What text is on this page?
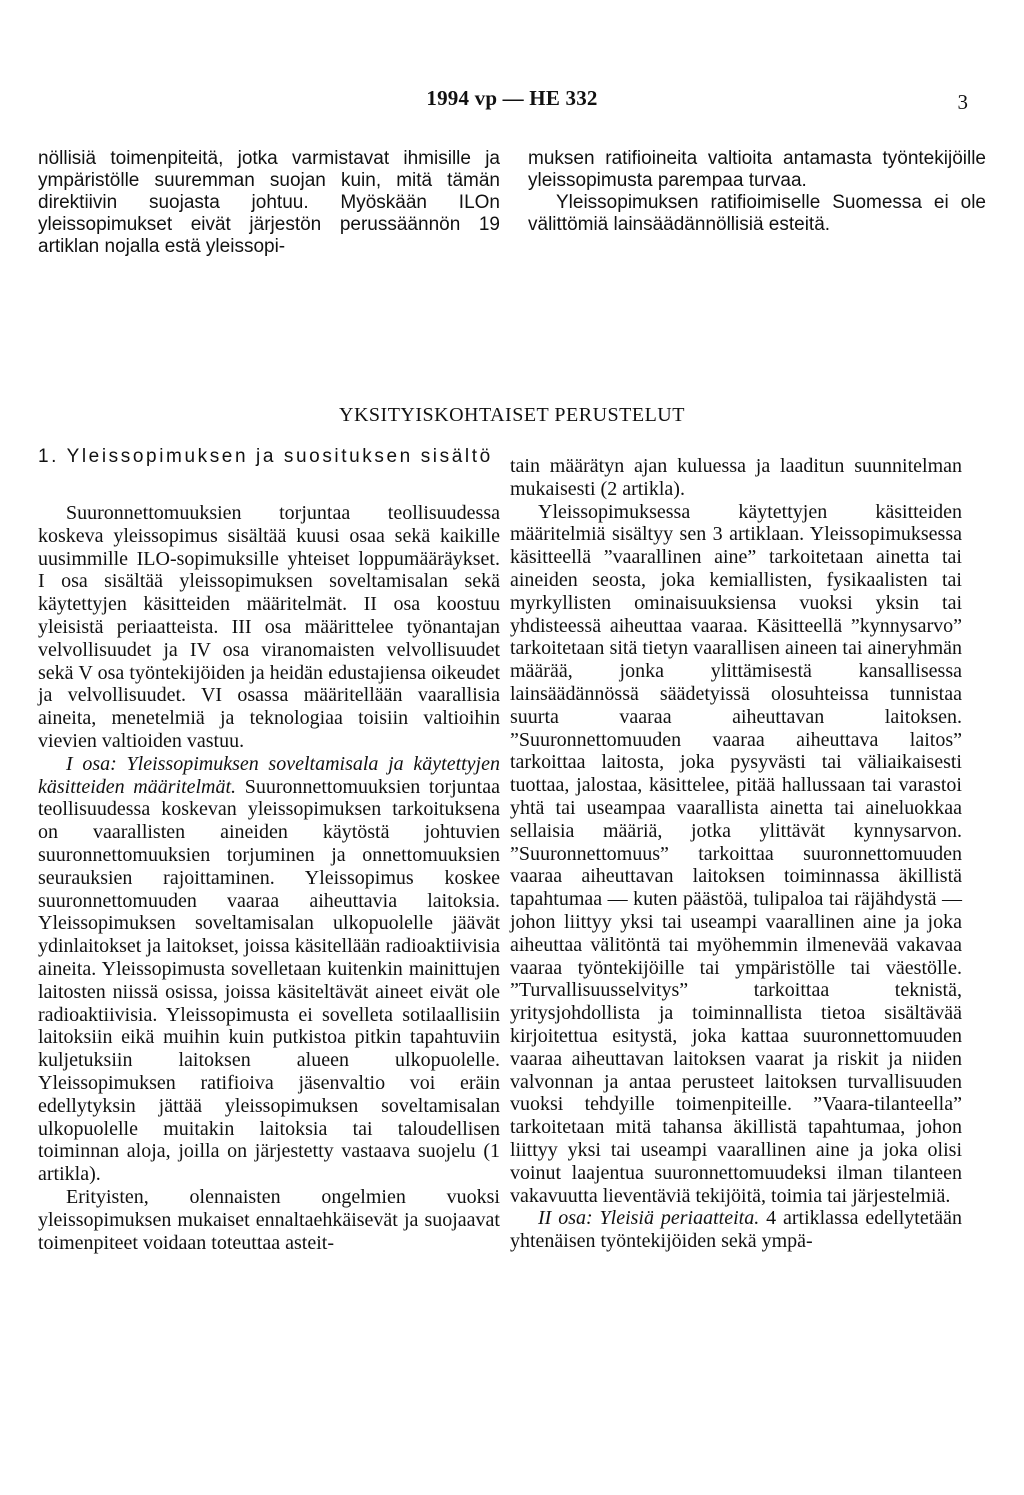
1994 vp — HE 332	3

nöllisiä toimenpiteitä, jotka varmistavat ihmisille ja ympäristölle suuremman suojan kuin, mitä tämän direktiivin suojasta johtuu. Myöskään ILOn yleissopimukset eivät järjestön perussäännön 19 artiklan nojalla estä yleissopi-

muksen ratifioineita valtioita antamasta työntekijöille yleissopimusta parempaa turvaa.

Yleissopimuksen ratifioimiselle Suomessa ei ole välittömiä lainsäädännöllisiä esteitä.

YKSITYISKOHTAISET PERUSTELUT

1. Yleissopimuksen ja suosituksen sisältö

Suuronnettomuuksien torjuntaa teollisuudessa koskeva yleissopimus sisältää kuusi osaa sekä kaikille uusimmille ILO-sopimuksille yhteiset loppumääräykset. I osa sisältää yleissopimuksen soveltamisalan sekä käytettyjen käsitteiden määritelmät. II osa koostuu yleisistä periaatteista. III osa määrittelee työnantajan velvollisuudet ja IV osa viranomaisten velvollisuudet sekä V osa työntekijöiden ja heidän edustajiensa oikeudet ja velvollisuudet. VI osassa määritellään vaarallisia aineita, menetelmiä ja teknologiaa toisiin valtioihin vievien valtioiden vastuu.

I osa: Yleissopimuksen soveltamisala ja käytettyjen käsitteiden määritelmät. Suuronnettomuuksien torjuntaa teollisuudessa koskevan yleissopimuksen tarkoituksena on vaarallisten aineiden käytöstä johtuvien suuronnettomuuksien torjuminen ja onnettomuuksien seurauksien rajoittaminen. Yleissopimus koskee suuronnettomuuden vaaraa aiheuttavia laitoksia. Yleissopimuksen soveltamisalan ulkopuolelle jäävät ydinlaitokset ja laitokset, joissa käsitellään radioaktiivisia aineita. Yleissopimusta sovelletaan kuitenkin mainittujen laitosten niissä osissa, joissa käsiteltävät aineet eivät ole radioaktiivisia. Yleissopimusta ei sovelleta sotilaallisiin laitoksiin eikä muihin kuin putkistoa pitkin tapahtuviin kuljetuksiin laitoksen alueen ulkopuolelle. Yleissopimuksen ratifioiva jäsenvaltio voi eräin edellytyksin jättää yleissopimuksen soveltamisalan ulkopuolelle muitakin laitoksia tai taloudellisen toiminnan aloja, joilla on järjestetty vastaava suojelu (1 artikla).

Erityisten, olennaisten ongelmien vuoksi yleissopimuksen mukaiset ennaltaehkäisevät ja suojaavat toimenpiteet voidaan toteuttaa asteit-

tain määrätyn ajan kuluessa ja laaditun suunnitelman mukaisesti (2 artikla).

Yleissopimuksessa käytettyjen käsitteiden määritelmiä sisältyy sen 3 artiklaan. Yleissopimuksessa käsitteellä ”vaarallinen aine” tarkoitetaan ainetta tai aineiden seosta, joka kemiallisten, fysikaalisten tai myrkyllisten ominaisuuksiensa vuoksi yksin tai yhdisteessä aiheuttaa vaaraa. Käsitteellä ”kynnysarvo” tarkoitetaan sitä tietyn vaarallisen aineen tai aineryhmän määrää, jonka ylittämisestä kansallisessa lainsäädännössä säädetyissä olosuhteissa tunnistaa suurta vaaraa aiheuttavan laitoksen. ”Suuronnettomuuden vaaraa aiheuttava laitos” tarkoittaa laitosta, joka pysyvästi tai väliaikaisesti tuottaa, jalostaa, käsittelee, pitää hallussaan tai varastoi yhtä tai useampaa vaarallista ainetta tai aineluokkaa sellaisia määriä, jotka ylittävät kynnysarvon. ”Suuronnettomuus” tarkoittaa suuronnettomuuden vaaraa aiheuttavan laitoksen toiminnassa äkillistä tapahtumaa — kuten päästöä, tulipaloa tai räjähdystä — johon liittyy yksi tai useampi vaarallinen aine ja joka aiheuttaa välitöntä tai myöhemmin ilmenevää vakavaa vaaraa työntekijöille tai ympäristölle tai väestölle. ”Turvallisuusselvitys” tarkoittaa teknistä, yritysjohdollista ja toiminnallista tietoa sisältävää kirjoitettua esitystä, joka kattaa suuronnettomuuden vaaraa aiheuttavan laitoksen vaarat ja riskit ja niiden valvonnan ja antaa perusteet laitoksen turvallisuuden vuoksi tehdyille toimenpiteille. ”Vaara-tilanteella” tarkoitetaan mitä tahansa äkillistä tapahtumaa, johon liittyy yksi tai useampi vaarallinen aine ja joka olisi voinut laajentua suuronnettomuudeksi ilman tilanteen vakavuutta lieventäviä tekijöitä, toimia tai järjestelmiä.

II osa: Yleisiä periaatteita. 4 artiklassa edellytetään yhtenäisen työntekijöiden sekä ympä-
